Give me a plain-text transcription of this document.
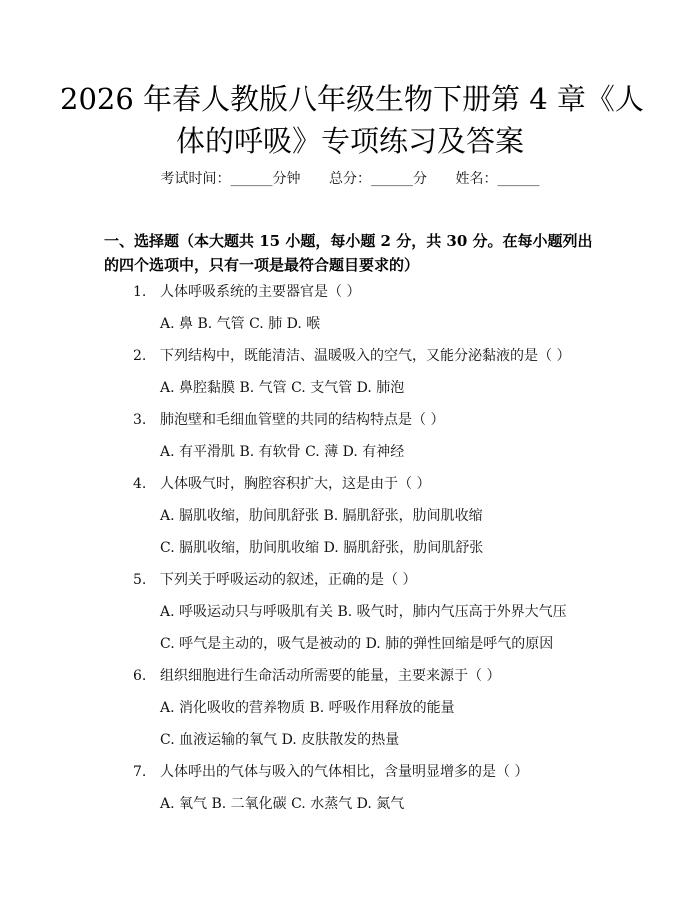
2026 年春人教版八年级生物下册第 4 章《人
体的呼吸》专项练习及答案
考试时间：______分钟 总分：______分 姓名：______
一、选择题（本大题共 15 小题，每小题 2 分，共 30 分。在每小题列出的四个选项中，只有一项是最符合题目要求的）
1. 人体呼吸系统的主要器官是（ ）
A. 鼻 B. 气管 C. 肺 D. 喉
2. 下列结构中，既能清洁、温暖吸入的空气，又能分泌黏液的是（ ）
A. 鼻腔黏膜 B. 气管 C. 支气管 D. 肺泡
3. 肺泡壁和毛细血管壁的共同的结构特点是（ ）
A. 有平滑肌 B. 有软骨 C. 薄 D. 有神经
4. 人体吸气时，胸腔容积扩大，这是由于（ ）
A. 膈肌收缩，肋间肌舒张 B. 膈肌舒张，肋间肌收缩
C. 膈肌收缩，肋间肌收缩 D. 膈肌舒张，肋间肌舒张
5. 下列关于呼吸运动的叙述，正确的是（ ）
A. 呼吸运动只与呼吸肌有关 B. 吸气时，肺内气压高于外界大气压
C. 呼气是主动的，吸气是被动的 D. 肺的弹性回缩是呼气的原因
6. 组织细胞进行生命活动所需要的能量，主要来源于（ ）
A. 消化吸收的营养物质 B. 呼吸作用释放的能量
C. 血液运输的氧气 D. 皮肤散发的热量
7. 人体呼出的气体与吸入的气体相比，含量明显增多的是（ ）
A. 氧气 B. 二氧化碳 C. 水蒸气 D. 氮气
